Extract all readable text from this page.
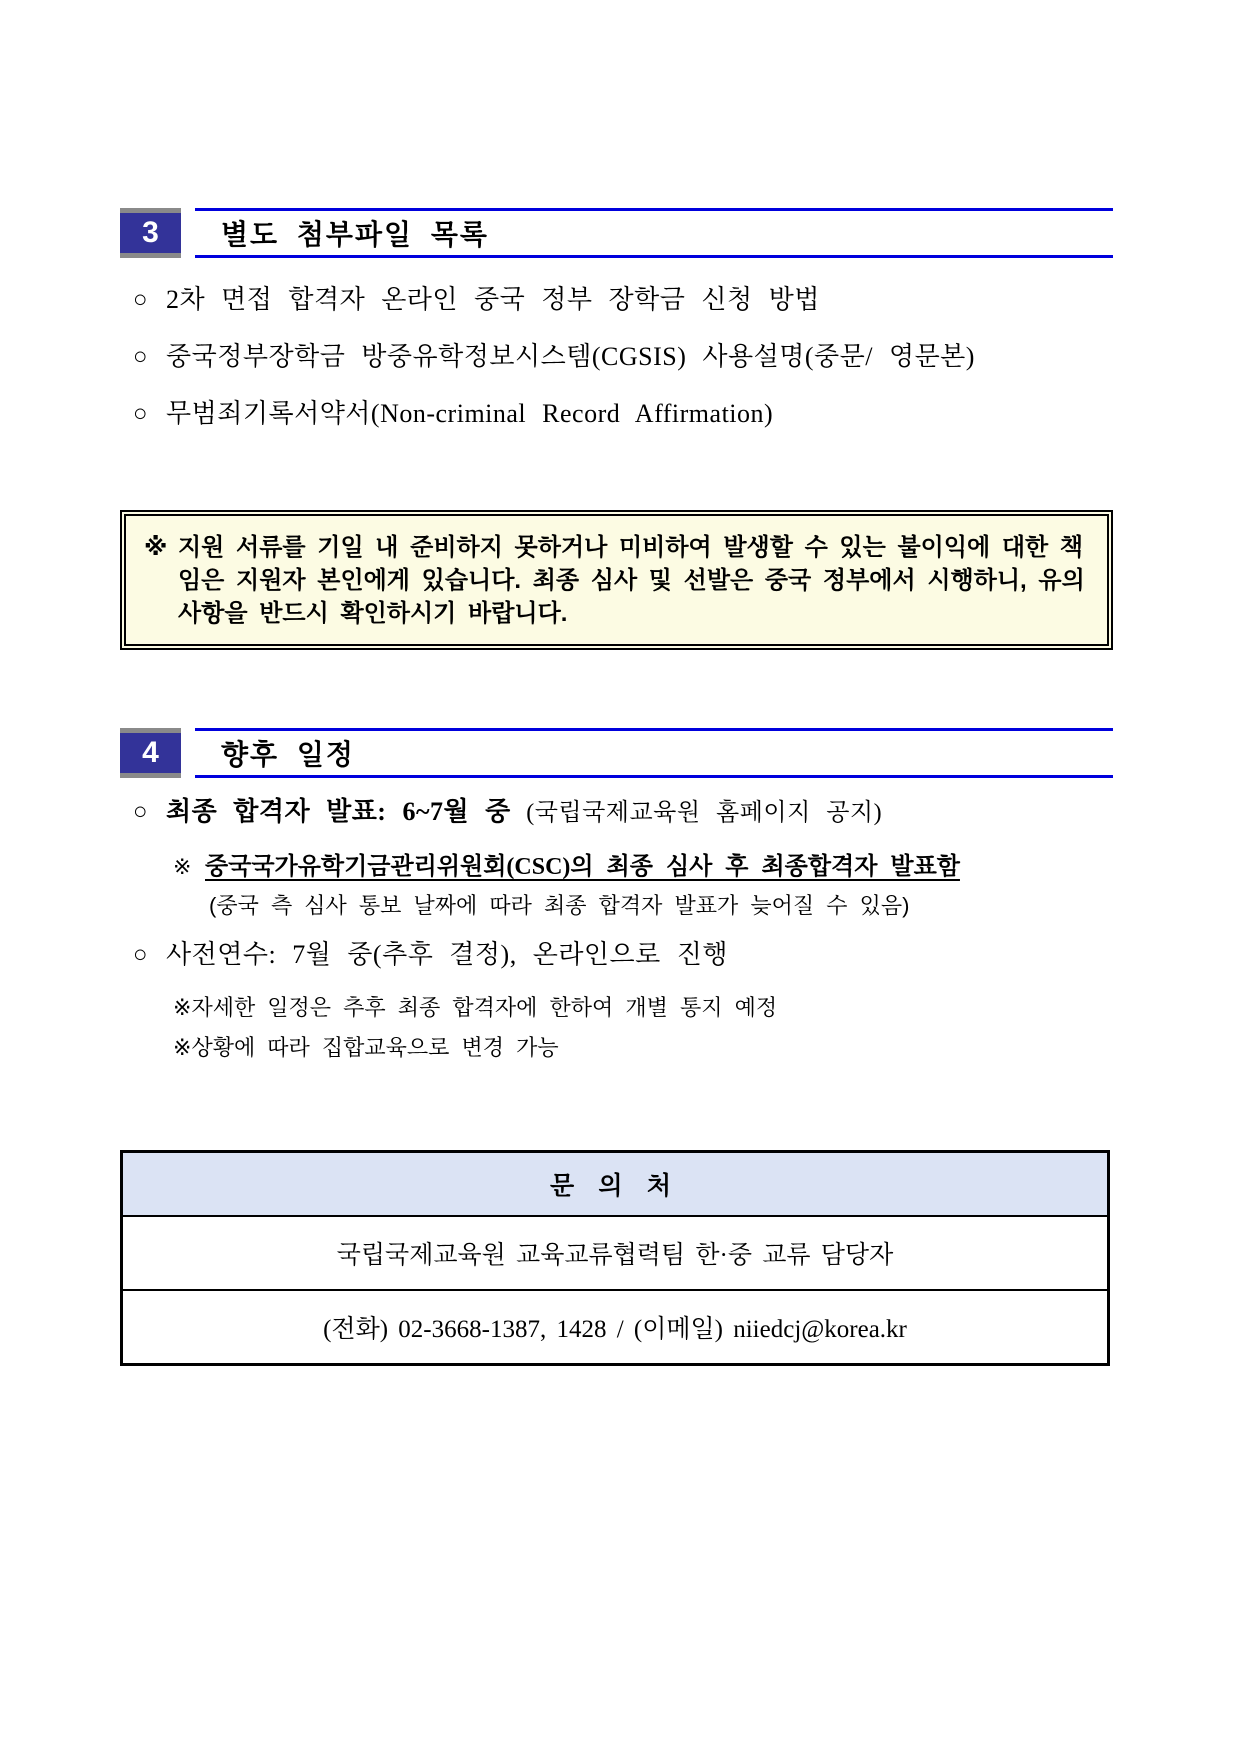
3	별도 첨부파일 목록
○ 2차 면접 합격자 온라인 중국 정부 장학금 신청 방법
○ 중국정부장학금 방중유학정보시스템(CGSIS) 사용설명(중문/ 영문본)
○ 무범죄기록서약서(Non-criminal Record Affirmation)

※ 지원 서류를 기일 내 준비하지 못하거나 미비하여 발생할 수 있는 불이익에 대한 책임은 지원자 본인에게 있습니다. 최종 심사 및 선발은 중국 정부에서 시행하니, 유의 사항을 반드시 확인하시기 바랍니다.

4	향후 일정
○ 최종 합격자 발표: 6~7월 중 (국립국제교육원 홈페이지 공지)
※ 중국국가유학기금관리위원회(CSC)의 최종 심사 후 최종합격자 발표함
(중국 측 심사 통보 날짜에 따라 최종 합격자 발표가 늦어질 수 있음)
○ 사전연수: 7월 중(추후 결정), 온라인으로 진행
※자세한 일정은 추후 최종 합격자에 한하여 개별 통지 예정
※상황에 따라 집합교육으로 변경 가능
문 의 처
국립국제교육원 교육교류협력팀 한·중 교류 담당자
(전화) 02-3668-1387, 1428 / (이메일) niiedcj@korea.kr
